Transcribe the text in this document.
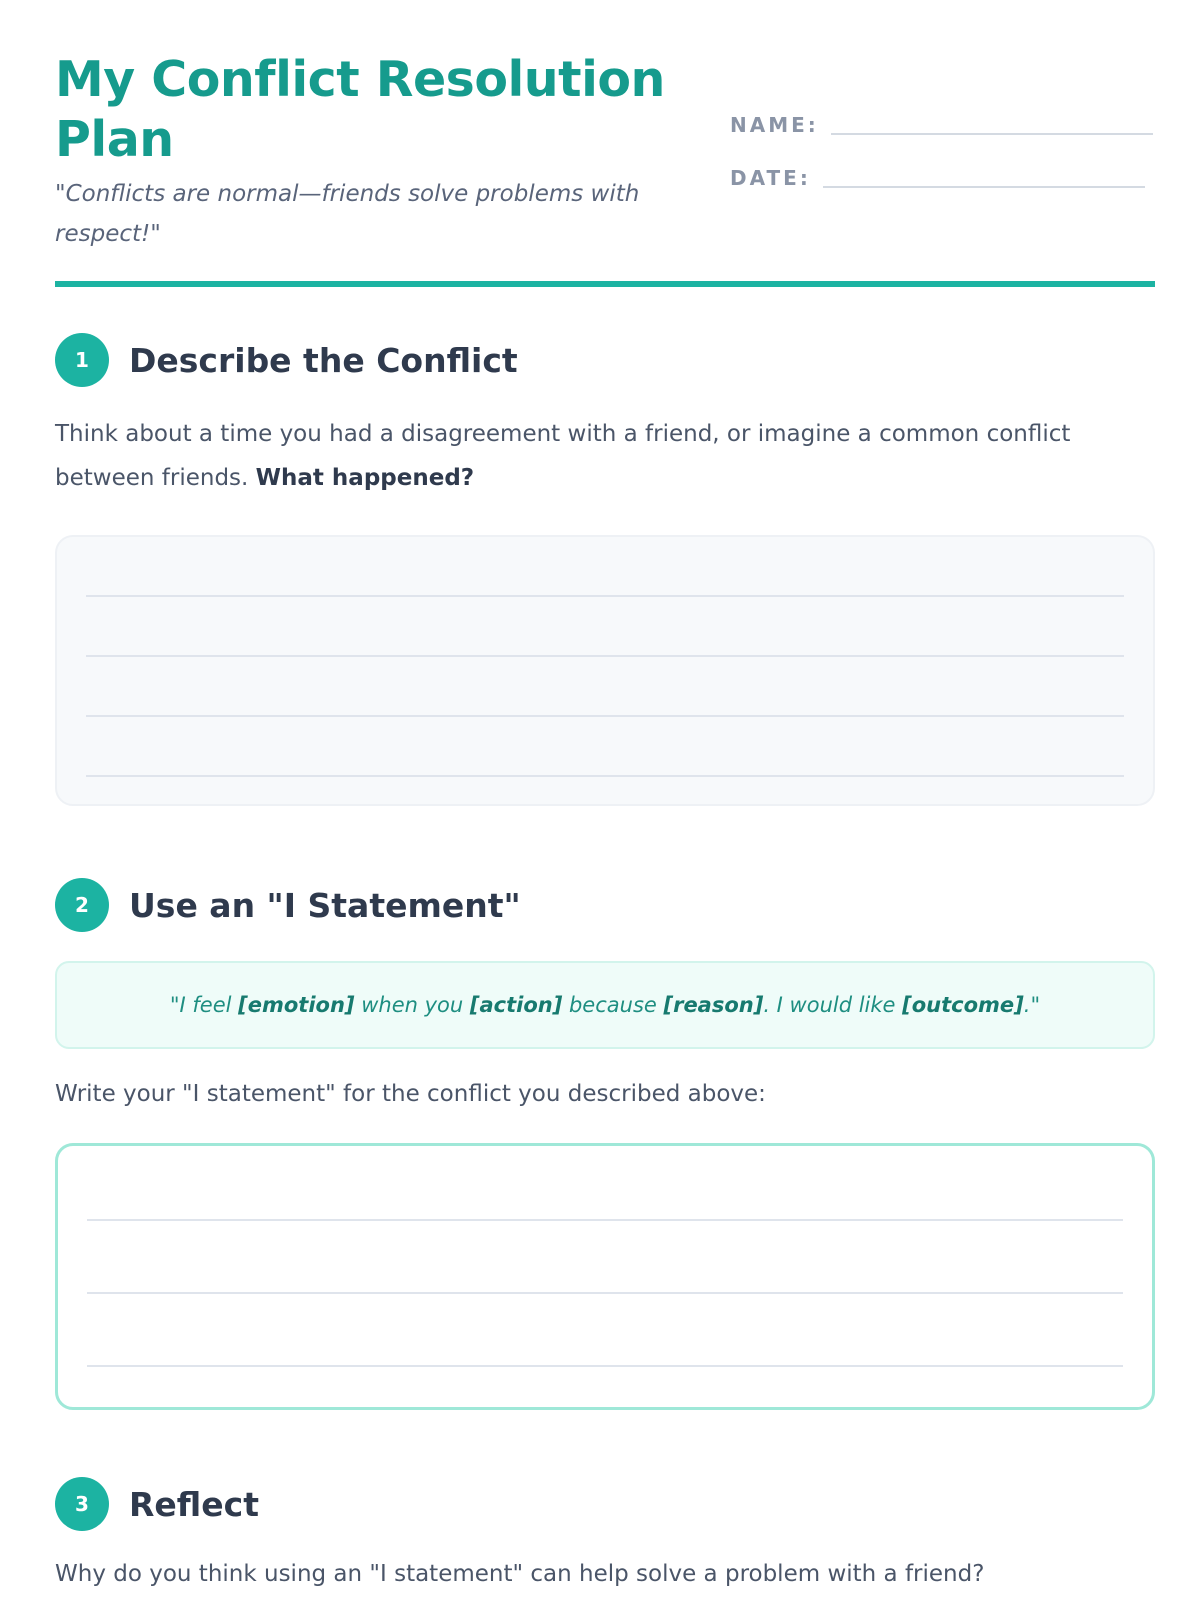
My Conflict Resolution Plan

"Conflicts are normal—friends solve problems with respect!"

NAME:
DATE:
1	Describe the Conflict

Think about a time you had a disagreement with a friend, or imagine a common conflict between friends. What happened?

2	Use an "I Statement"
"I feel [emotion] when you [action] because [reason]. I would like [outcome]."

Write your "I statement" for the conflict you described above:

3	Reflect

Why do you think using an "I statement" can help solve a problem with a friend?
